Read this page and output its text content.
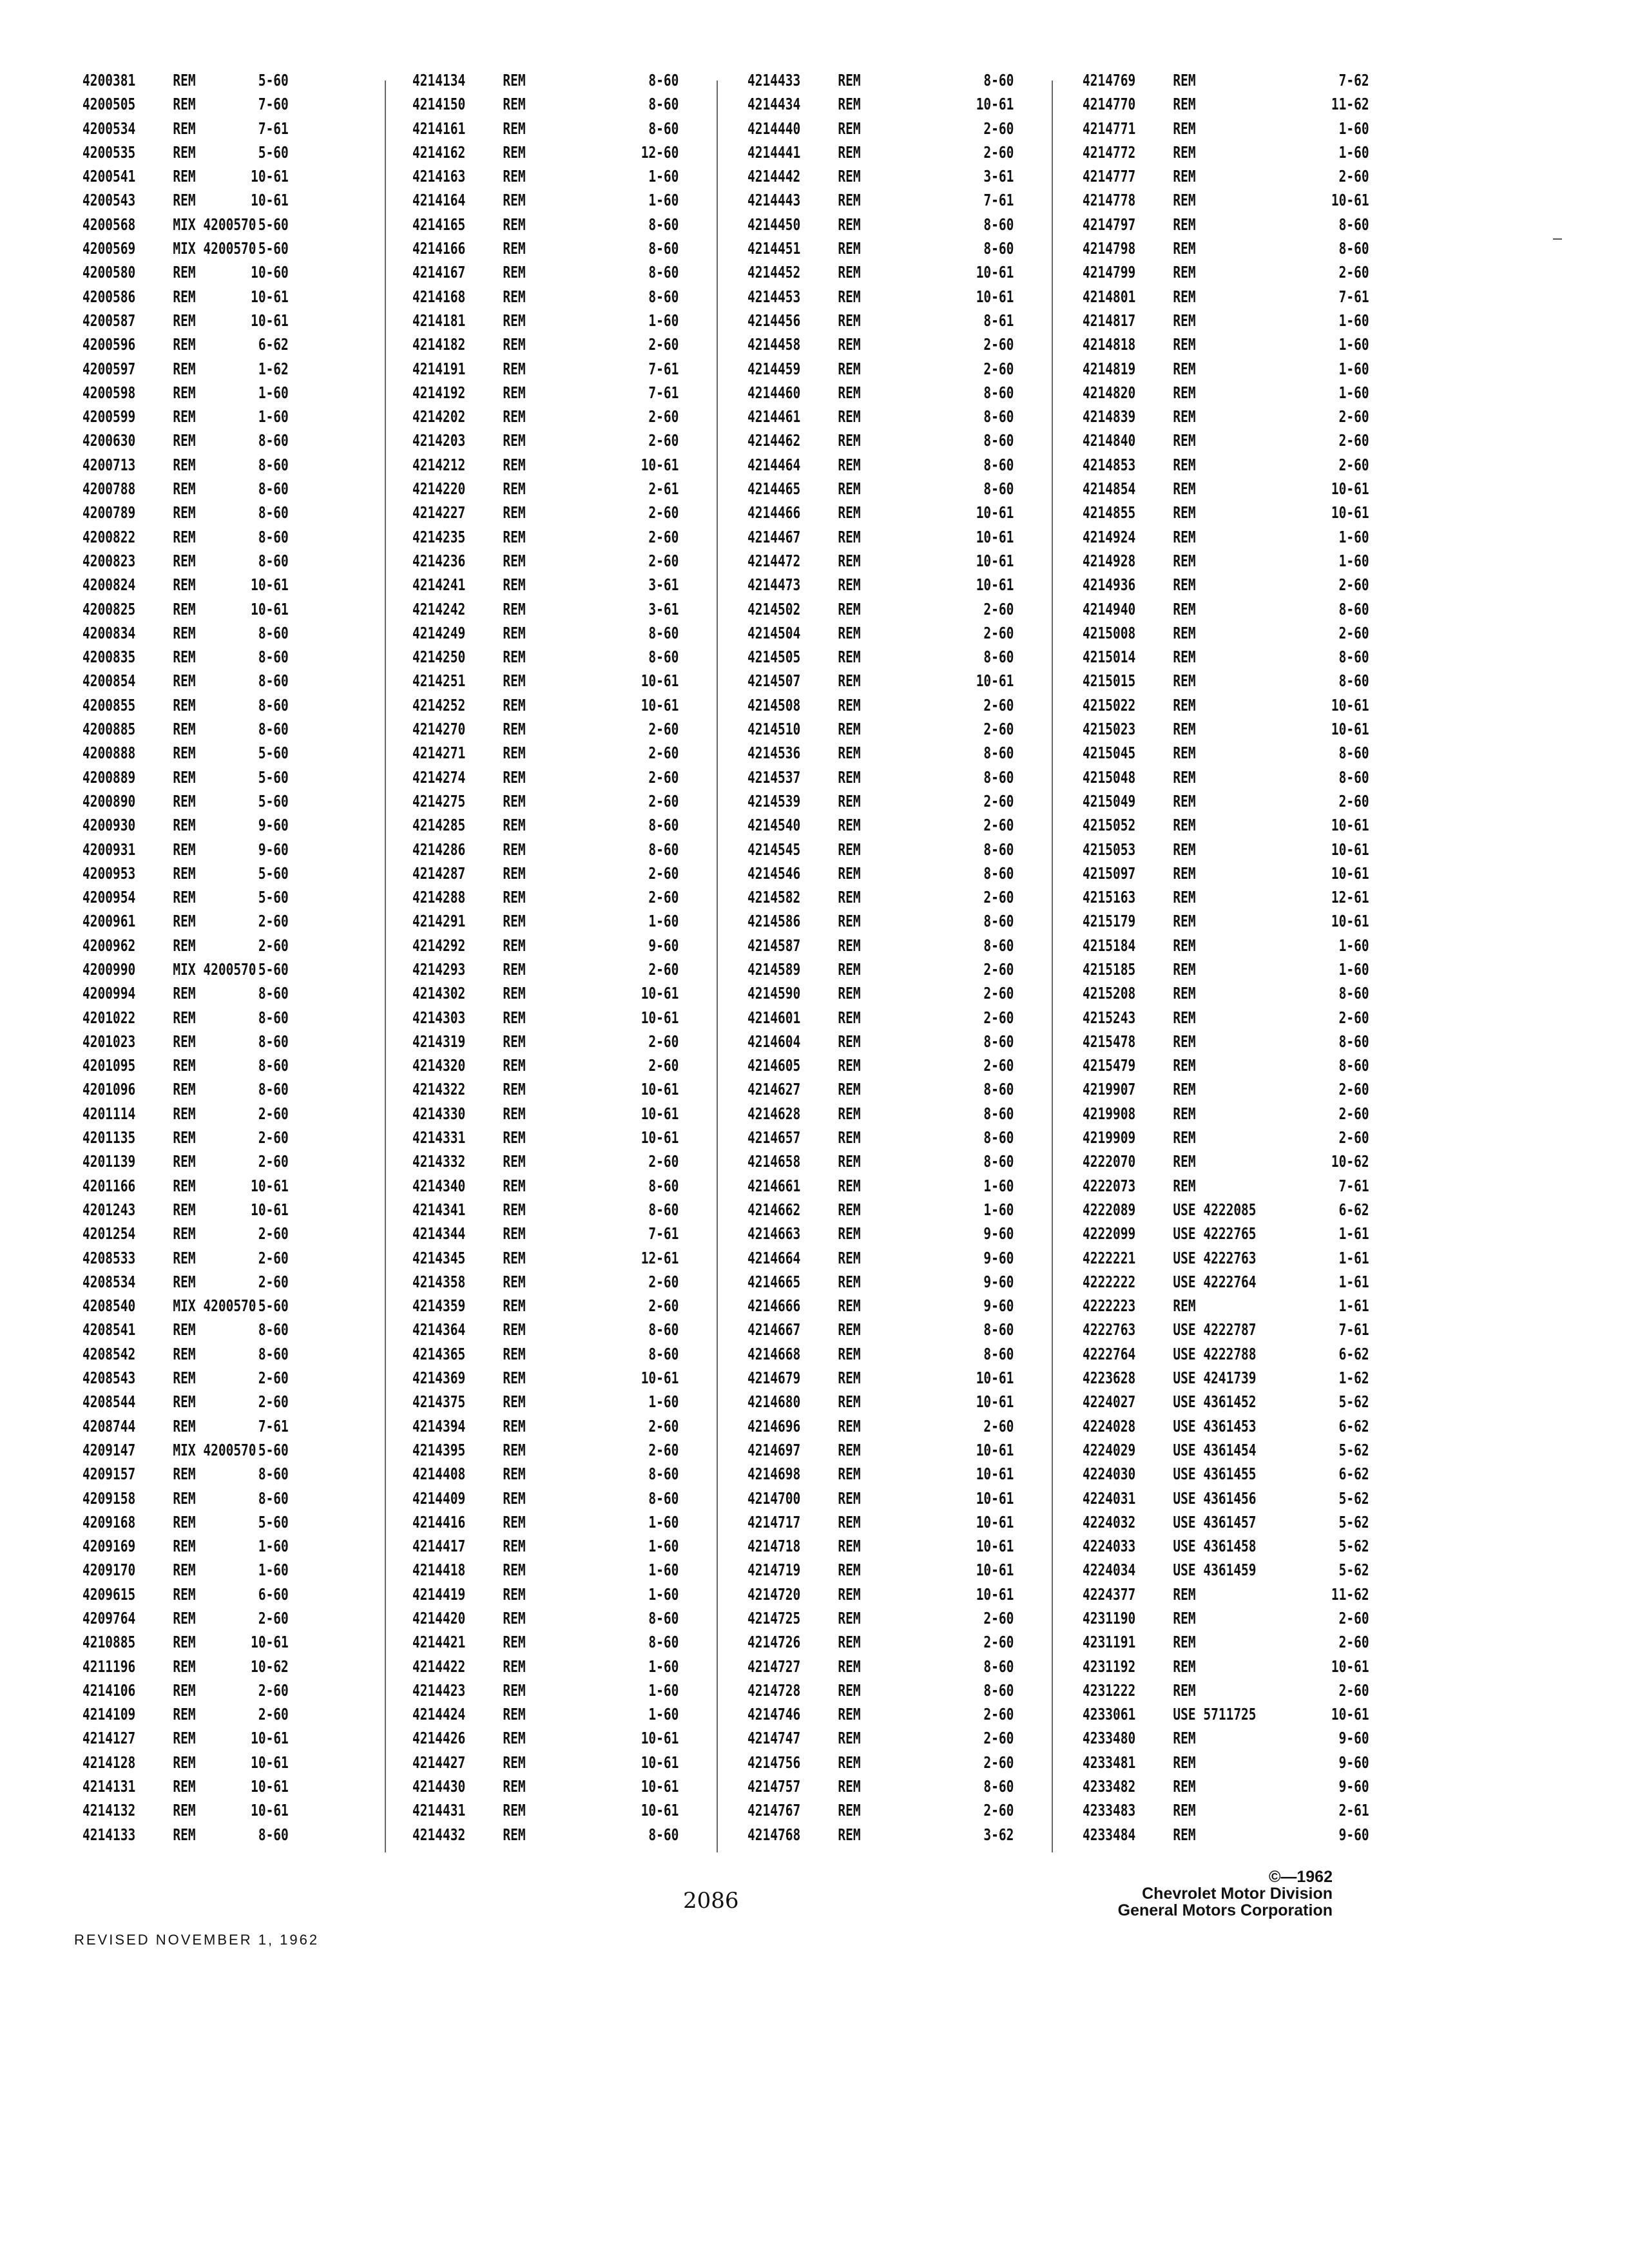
4200381 REM	5-60
4200505 REM	7-60
4200534 REM	7-61
4200535 REM	5-60
4200541 REM	10-61
4200543 REM	10-61
4200568 MIX 4200570 5-60
4200569 MIX 4200570 5-60
4200580 REM	10-60
4200586 REM	10-61
4200587 REM	10-61
4200596 REM	6-62
4200597 REM	1-62
4200598 REM	1-60
4200599 REM	1-60
4200630 REM	8-60
4200713 REM	8-60
4200788 REM	8-60
4200789 REM	8-60
4200822 REM	8-60
4200823 REM	8-60
4200824 REM	10-61
4200825 REM	10-61
4200834 REM	8-60
4200835 REM	8-60
4200854 REM	8-60
4200855 REM	8-60
4200885 REM	8-60
4200888 REM	5-60
4200889 REM	5-60
4200890 REM	5-60
4200930 REM	9-60
4200931 REM	9-60
4200953 REM	5-60
4200954 REM	5-60
4200961 REM	2-60
4200962 REM	2-60
4200990 MIX 4200570 5-60
4200994 REM	8-60
4201022 REM	8-60
4201023 REM	8-60
4201095 REM	8-60
4201096 REM	8-60
4201114 REM	2-60
4201135 REM	2-60
4201139 REM	2-60
4201166 REM	10-61
4201243 REM	10-61
4201254 REM	2-60
4208533 REM	2-60
4208534 REM	2-60
4208540 MIX 4200570 5-60
4208541 REM	8-60
4208542 REM	8-60
4208543 REM	2-60
4208544 REM	2-60
4208744 REM	7-61
4209147 MIX 4200570 5-60
4209157 REM	8-60
4209158 REM	8-60
4209168 REM	5-60
4209169 REM	1-60
4209170 REM	1-60
4209615 REM	6-60
4209764 REM	2-60
4210885 REM	10-61
4211196 REM	10-62
4214106 REM	2-60
4214109 REM	2-60
4214127 REM	10-61
4214128 REM	10-61
4214131 REM	10-61
4214132 REM	10-61
4214133 REM	8-60
4214134 REM	8-60
4214150 REM	8-60
4214161 REM	8-60
4214162 REM	12-60
4214163 REM	1-60
4214164 REM	1-60
4214165 REM	8-60
4214166 REM	8-60
4214167 REM	8-60
4214168 REM	8-60
4214181 REM	1-60
4214182 REM	2-60
4214191 REM	7-61
4214192 REM	7-61
4214202 REM	2-60
4214203 REM	2-60
4214212 REM	10-61
4214220 REM	2-61
4214227 REM	2-60
4214235 REM	2-60
4214236 REM	2-60
4214241 REM	3-61
4214242 REM	3-61
4214249 REM	8-60
4214250 REM	8-60
4214251 REM	10-61
4214252 REM	10-61
4214270 REM	2-60
4214271 REM	2-60
4214274 REM	2-60
4214275 REM	2-60
4214285 REM	8-60
4214286 REM	8-60
4214287 REM	2-60
4214288 REM	2-60
4214291 REM	1-60
4214292 REM	9-60
4214293 REM	2-60
4214302 REM	10-61
4214303 REM	10-61
4214319 REM	2-60
4214320 REM	2-60
4214322 REM	10-61
4214330 REM	10-61
4214331 REM	10-61
4214332 REM	2-60
4214340 REM	8-60
4214341 REM	8-60
4214344 REM	7-61
4214345 REM	12-61
4214358 REM	2-60
4214359 REM	2-60
4214364 REM	8-60
4214365 REM	8-60
4214369 REM	10-61
4214375 REM	1-60
4214394 REM	2-60
4214395 REM	2-60
4214408 REM	8-60
4214409 REM	8-60
4214416 REM	1-60
4214417 REM	1-60
4214418 REM	1-60
4214419 REM	1-60
4214420 REM	8-60
4214421 REM	8-60
4214422 REM	1-60
4214423 REM	1-60
4214424 REM	1-60
4214426 REM	10-61
4214427 REM	10-61
4214430 REM	10-61
4214431 REM	10-61
4214432 REM	8-60
4214433 REM	8-60
4214434 REM	10-61
4214440 REM	2-60
4214441 REM	2-60
4214442 REM	3-61
4214443 REM	7-61
4214450 REM	8-60
4214451 REM	8-60
4214452 REM	10-61
4214453 REM	10-61
4214456 REM	8-61
4214458 REM	2-60
4214459 REM	2-60
4214460 REM	8-60
4214461 REM	8-60
4214462 REM	8-60
4214464 REM	8-60
4214465 REM	8-60
4214466 REM	10-61
4214467 REM	10-61
4214472 REM	10-61
4214473 REM	10-61
4214502 REM	2-60
4214504 REM	2-60
4214505 REM	8-60
4214507 REM	10-61
4214508 REM	2-60
4214510 REM	2-60
4214536 REM	8-60
4214537 REM	8-60
4214539 REM	2-60
4214540 REM	2-60
4214545 REM	8-60
4214546 REM	8-60
4214582 REM	2-60
4214586 REM	8-60
4214587 REM	8-60
4214589 REM	2-60
4214590 REM	2-60
4214601 REM	2-60
4214604 REM	8-60
4214605 REM	2-60
4214627 REM	8-60
4214628 REM	8-60
4214657 REM	8-60
4214658 REM	8-60
4214661 REM	1-60
4214662 REM	1-60
4214663 REM	9-60
4214664 REM	9-60
4214665 REM	9-60
4214666 REM	9-60
4214667 REM	8-60
4214668 REM	8-60
4214679 REM	10-61
4214680 REM	10-61
4214696 REM	2-60
4214697 REM	10-61
4214698 REM	10-61
4214700 REM	10-61
4214717 REM	10-61
4214718 REM	10-61
4214719 REM	10-61
4214720 REM	10-61
4214725 REM	2-60
4214726 REM	2-60
4214727 REM	8-60
4214728 REM	8-60
4214746 REM	2-60
4214747 REM	2-60
4214756 REM	2-60
4214757 REM	8-60
4214767 REM	2-60
4214768 REM	3-62
4214769 REM	7-62
4214770 REM	11-62
4214771 REM	1-60
4214772 REM	1-60
4214777 REM	2-60
4214778 REM	10-61
4214797 REM	8-60
4214798 REM	8-60
4214799 REM	2-60
4214801 REM	7-61
4214817 REM	1-60
4214818 REM	1-60
4214819 REM	1-60
4214820 REM	1-60
4214839 REM	2-60
4214840 REM	2-60
4214853 REM	2-60
4214854 REM	10-61
4214855 REM	10-61
4214924 REM	1-60
4214928 REM	1-60
4214936 REM	2-60
4214940 REM	8-60
4215008 REM	2-60
4215014 REM	8-60
4215015 REM	8-60
4215022 REM	10-61
4215023 REM	10-61
4215045 REM	8-60
4215048 REM	8-60
4215049 REM	2-60
4215052 REM	10-61
4215053 REM	10-61
4215097 REM	10-61
4215163 REM	12-61
4215179 REM	10-61
4215184 REM	1-60
4215185 REM	1-60
4215208 REM	8-60
4215243 REM	2-60
4215478 REM	8-60
4215479 REM	8-60
4219907 REM	2-60
4219908 REM	2-60
4219909 REM	2-60
4222070 REM	10-62
4222073 REM	7-61
4222089 USE 4222085	6-62
4222099 USE 4222765	1-61
4222221 USE 4222763	1-61
4222222 USE 4222764	1-61
4222223 REM	1-61
4222763 USE 4222787	7-61
4222764 USE 4222788	6-62
4223628 USE 4241739	1-62
4224027 USE 4361452	5-62
4224028 USE 4361453	6-62
4224029 USE 4361454	5-62
4224030 USE 4361455	6-62
4224031 USE 4361456	5-62
4224032 USE 4361457	5-62
4224033 USE 4361458	5-62
4224034 USE 4361459	5-62
4224377 REM	11-62
4231190 REM	2-60
4231191 REM	2-60
4231192 REM	10-61
4231222 REM	2-60
4233061 USE 5711725	10-61
4233480 REM	9-60
4233481 REM	9-60
4233482 REM	9-60
4233483 REM	2-61
4233484 REM	9-60
2086
©—1962
Chevrolet Motor Division
General Motors Corporation
REVISED NOVEMBER 1, 1962
